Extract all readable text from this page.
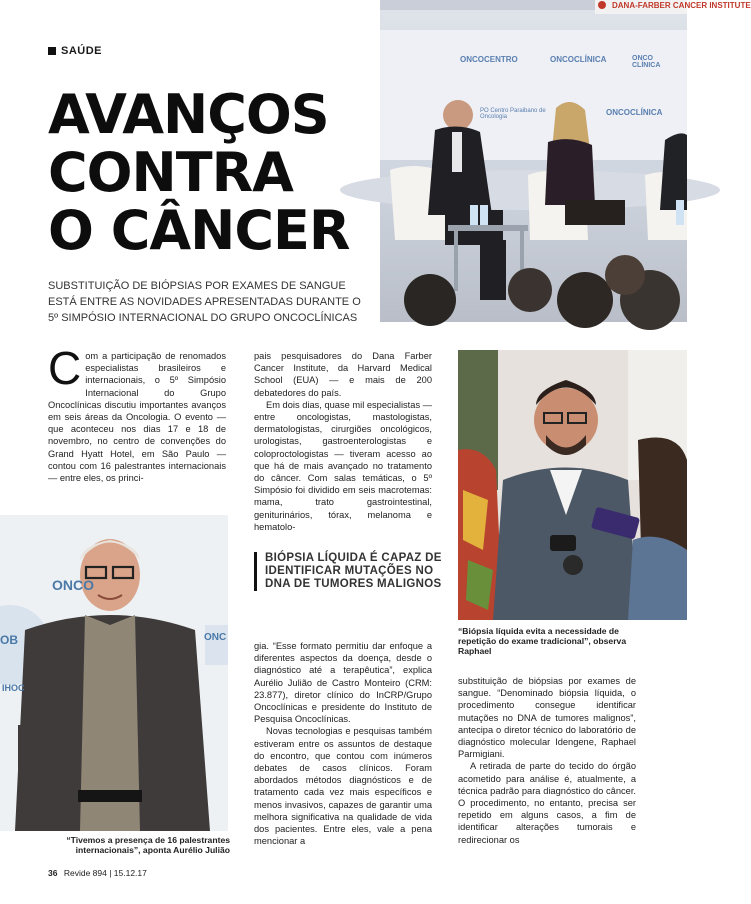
SAÚDE
AVANÇOS
CONTRA
O CÂNCER
SUBSTITUIÇÃO DE BIÓPSIAS POR EXAMES DE SANGUE ESTÁ ENTRE AS NOVIDADES APRESENTADAS DURANTE O 5º SIMPÓSIO INTERNACIONAL DO GRUPO ONCOCLÍNICAS
ONCOCENTRO	ONCOCLÍNICA	ONCO CLÍNICA
ONCOCLÍNICA
PO Centro Paraibano de Oncologia
DANA-FARBER CANCER INSTITUTE
C om a participação de renomados especialistas brasileiros e internacionais, o 5º Simpósio Internacional do Grupo Oncoclínicas discutiu importantes avanços em seis áreas da Oncologia. O evento — que aconteceu nos dias 17 e 18 de novembro, no centro de convenções do Grand Hyatt Hotel, em São Paulo — contou com 16 palestrantes internacionais — entre eles, os princi-

pais pesquisadores do Dana Farber Cancer Institute, da Harvard Medical School (EUA) — e mais de 200 debatedores do país.

Em dois dias, quase mil especialistas — entre oncologistas, mastologistas, dermatologistas, cirurgiões oncológicos, urologistas, gastroenterologistas e coloproctologistas — tiveram acesso ao que há de mais avançado no tratamento do câncer. Com salas temáticas, o 5º Simpósio foi dividido em seis macrotemas: mama, trato gastrointestinal, geniturinários, tórax, melanoma e hematolo-

BIÓPSIA LÍQUIDA É CAPAZ DE IDENTIFICAR MUTAÇÕES NO DNA DE TUMORES MALIGNOS

gia. “Esse formato permitiu dar enfoque a diferentes aspectos da doença, desde o diagnóstico até a terapêutica”, explica Aurélio Julião de Castro Monteiro (CRM: 23.877), diretor clínico do InCRP/Grupo Oncoclínicas e presidente do Instituto de Pesquisa Oncoclínicas.

Novas tecnologias e pesquisas também estiveram entre os assuntos de destaque do encontro, que contou com inúmeros debates de casos clínicos. Foram abordados métodos diagnósticos e de tratamento cada vez mais específicos e menos invasivos, capazes de garantir uma melhora significativa na qualidade de vida dos pacientes. Entre eles, vale a pena mencionar a

“Biópsia líquida evita a necessidade de repetição do exame tradicional”, observa Raphael

substituição de biópsias por exames de sangue. “Denominado biópsia líquida, o procedimento consegue identificar mutações no DNA de tumores malignos”, antecipa o diretor técnico do laboratório de diagnóstico molecular Idengene, Raphael Parmigiani.

A retirada de parte do tecido do órgão acometido para análise é, atualmente, a técnica padrão para diagnóstico do câncer. O procedimento, no entanto, precisa ser repetido em alguns casos, a fim de identificar alterações tumorais e redirecionar os

ONCO
OB	ONC
IHOC
“Tivemos a presença de 16 palestrantes internacionais”, aponta Aurélio Julião
36 Revide 894 | 15.12.17
